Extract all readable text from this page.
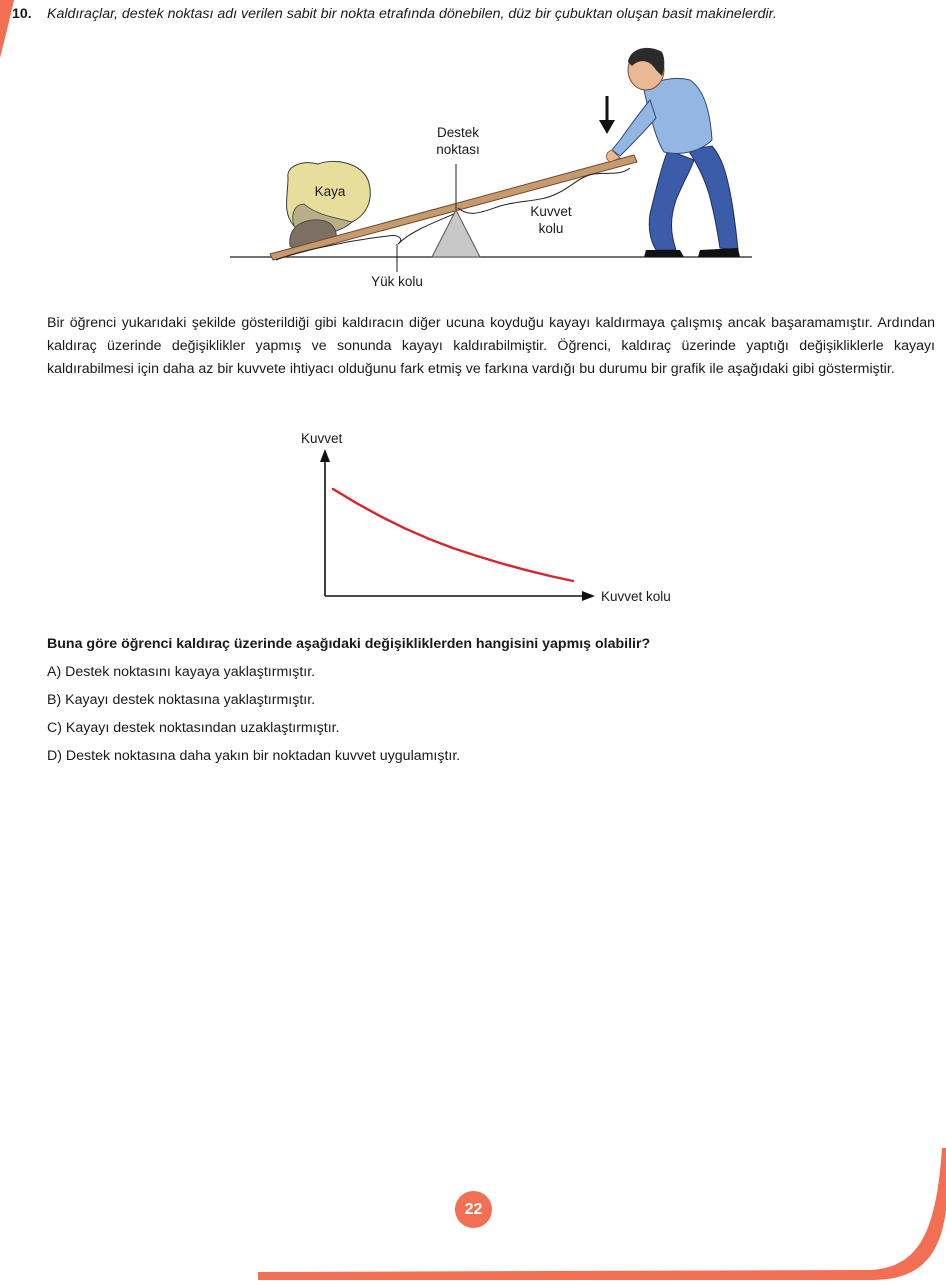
10. Kaldıraçlar, destek noktası adı verilen sabit bir nokta etrafında dönebilen, düz bir çubuktan oluşan basit makinelerdir.
Destek
noktası
Kaya
Kuvvet
kolu
Yük kolu
Bir öğrenci yukarıdaki şekilde gösterildiği gibi kaldıracın diğer ucuna koyduğu kayayı kaldırmaya çalışmış ancak başaramamıştır. Ardından kaldıraç üzerinde değişiklikler yapmış ve sonunda kayayı kaldırabilmiştir. Öğrenci, kaldıraç üzerinde yaptığı değişikliklerle kayayı kaldırabilmesi için daha az bir kuvvete ihtiyacı olduğunu fark etmiş ve farkına vardığı bu durumu bir grafik ile aşağıdaki gibi göstermiştir.
Kuvvet
Kuvvet kolu
Buna göre öğrenci kaldıraç üzerinde aşağıdaki değişikliklerden hangisini yapmış olabilir?
A) Destek noktasını kayaya yaklaştırmıştır.
B) Kayayı destek noktasına yaklaştırmıştır.
C) Kayayı destek noktasından uzaklaştırmıştır.
D) Destek noktasına daha yakın bir noktadan kuvvet uygulamıştır.
22
